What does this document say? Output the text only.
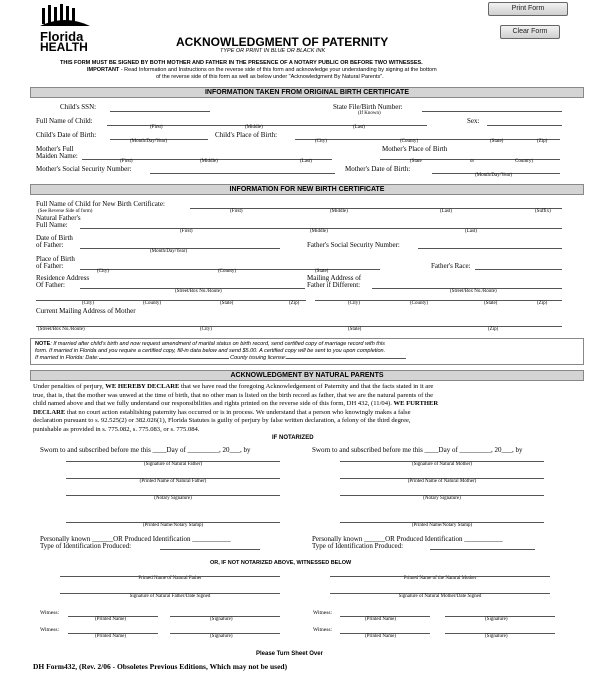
Print Form
Clear Form
Florida
HEALTH	ACKNOWLEDGMENT OF PATERNITY
TYPE OR PRINT IN BLUE OR BLACK INK
THIS FORM MUST BE SIGNED BY BOTH MOTHER AND FATHER IN THE PRESENCE OF A NOTARY PUBLIC OR BEFORE TWO WITNESSES.
IMPORTANT - Read Information and Instructions on the reverse side of this form and acknowledge your understanding by signing at the bottom
of the reverse side of this form as well as below under "Acknowledgment By Natural Parents".
INFORMATION TAKEN FROM ORIGINAL BIRTH CERTIFICATE
Child's SSN:	State File/Birth Number:
(If Known)
Full Name of Child:	Sex:
(First)	(Middle)	(Last)
Child's Date of Birth:	Child's Place of Birth:
(Month/Day/Year)	(City)	(County)	(State)	(Zip)
Mother's Full
Maiden Name:
Mother's Place of Birth
(First)	(Middle)	(Last)	(State	or	Country)
Mother's Social Security Number:	Mother's Date of Birth:
(Month/Day/Year)
INFORMATION FOR NEW BIRTH CERTIFICATE
Full Name of Child for New Birth Certificate:
(See Reverse Side of form)	(First)	(Middle)	(Last)	(Suffix)
Natural Father's
Full Name:
(First)	(Middle)	(Last)
Date of Birth
of Father:
(Month/Day/Year)
Father's Social Security Number:
Place of Birth
of Father:	Father's Race:
(City)	(County)	(State)
Residence Address
Of Father:
(Street/Box No./Route)
Mailing Address of
Father if Different:
(Street/Box No./Route)
(City)	(County)	(State)	(Zip)	(City)	(County)	(State)	(Zip)
Current Mailing Address of Mother
(Street/Box No./Route)	(City)	(State)	(Zip)
NOTE: If married after child's birth and now request amendment of marital status on birth record, send certified copy of marriage record with this
form. If married in Florida and you require a certified copy, fill-in data below and send $5.00. A certified copy will be sent to you upon completion.
If married in Florida: Date:	County issuing license:
ACKNOWLEDGMENT BY NATURAL PARENTS
Under penalties of perjury, WE HEREBY DECLARE that we have read the foregoing Acknowledgement of Paternity and that the facts stated in it are
true, that is, that the mother was unwed at the time of birth, that no other man is listed on the birth record as father, that we are the natural parents of the
child named above and that we fully understand our responsibilities and rights printed on the reverse side of this form, DH 432, (11/04). WE FURTHER
DECLARE that no court action establishing paternity has occurred or is in process. We understand that a person who knowingly makes a false
declaration pursuant to s. 92.525(2) or 382.026(1), Florida Statutes is guilty of perjury by false written declaration, a felony of the third degree,
punishable as provided in s. 775.082, s. 775.083, or s. 775.084.
IF NOTARIZED
Sworn to and subscribed before me this ____Day of _________, 20___, by	Sworn to and subscribed before me this ____Day of _________, 20___, by
(Signature of Natural Father)	(Signature of Natural Mother)
(Printed Name of Natural Father)	(Printed Name of Natural Mother)
(Notary Signature)	(Notary Signature)
(Printed Name/Notary Stamp)	(Printed Name/Notary Stamp)
Personally known ______OR Produced Identification ___________	Personally known ______OR Produced Identification ___________
Type of Identification Produced:	Type of Identification Produced:
OR, IF NOT NOTARIZED ABOVE, WITNESSED BELOW
Printed Name of Natural Father	Printed Name of the Natural Mother
Signature of Natural Father/Date Signed	Signature of Natural Mother/Date Signed
Witness:
(Printed Name)	(Signature)
Witness:
(Printed Name)	(Signature)
Witness:
(Printed Name)	(Signature)
Witness:
(Printed Name)	(Signature)
Please Turn Sheet Over
DH Form432, (Rev. 2/06 - Obsoletes Previous Editions, Which may not be used)
